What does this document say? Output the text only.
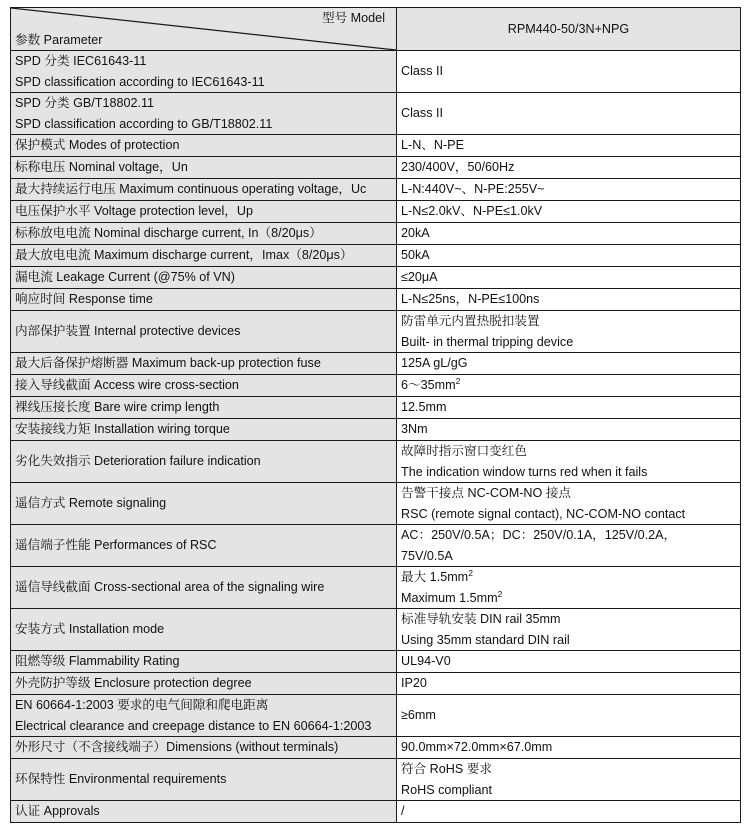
型号 Model
参数 Parameter	RPM440-50/3N+NPG

SPD 分类 IEC61643-11
SPD classification according to IEC61643-11	Class II

SPD 分类 GB/T18802.11
SPD classification according to GB/T18802.11	Class II

保护模式 Modes of protection	L-N、N-PE

标称电压 Nominal voltage，Un	230/400V，50/60Hz

最大持续运行电压 Maximum continuous operating voltage，Uc	L-N:440V~、N-PE:255V~

电压保护水平 Voltage protection level，Up	L-N≤2.0kV、N-PE≤1.0kV

标称放电电流 Nominal discharge current, In（8/20μs）	20kA

最大放电电流 Maximum discharge current，Imax（8/20μs）	50kA

漏电流 Leakage Current (@75% of VN)	≤20μA

响应时间 Response time	L-N≤25ns，N-PE≤100ns

内部保护装置 Internal protective devices	防雷单元内置热脱扣装置
Built- in thermal tripping device

最大后备保护熔断器 Maximum back-up protection fuse	125A gL/gG

接入导线截面 Access wire cross-section	$6\sim 35mm^2$

裸线压接长度 Bare wire crimp length	12.5mm

安装接线力矩 Installation wiring torque	3Nm

劣化失效指示 Deterioration failure indication	故障时指示窗口变红色
The indication window turns red when it fails

遥信方式 Remote signaling	告警干接点 NC-COM-NO 接点
RSC (remote signal contact), NC-COM-NO contact

遥信端子性能 Performances of RSC	AC：250V/0.5A；DC：250V/0.1A，125V/0.2A，
75V/0.5A

遥信导线截面 Cross-sectional area of the signaling wire	最大 $1.5mm^2$
Maximum $1.5mm^2$

安装方式 Installation mode	标准导轨安装 DIN rail 35mm
Using 35mm standard DIN rail

阻燃等级 Flammability Rating	UL94-V0

外壳防护等级 Enclosure protection degree	IP20

EN 60664-1:2003 要求的电气间隙和爬电距离
Electrical clearance and creepage distance to EN 60664-1:2003	≥6mm

外形尺寸（不含接线端子）Dimensions (without terminals)	90.0mm×72.0mm×67.0mm

环保特性 Environmental requirements	符合 RoHS 要求
RoHS compliant

认证 Approvals	/
